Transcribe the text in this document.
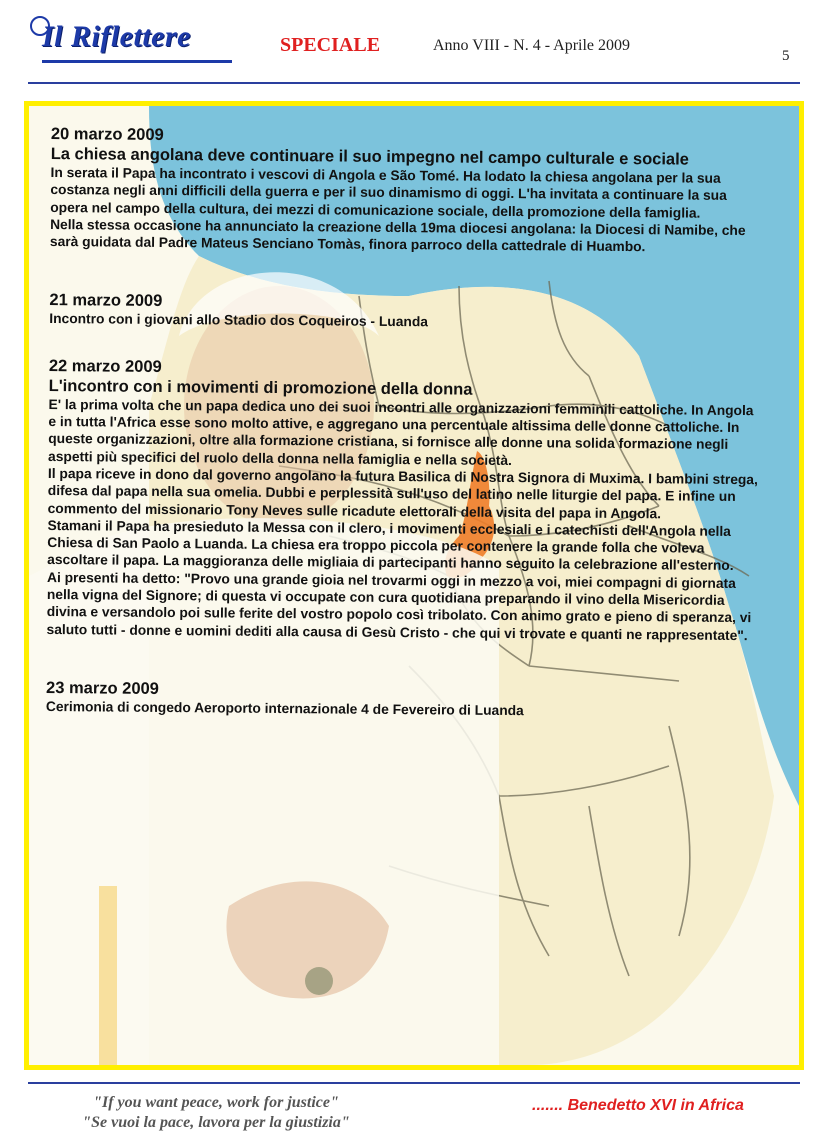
Il Riflettere	SPECIALE	Anno VIII - N. 4 - Aprile 2009
5
20 marzo 2009
La chiesa angolana deve continuare il suo impegno nel campo culturale e sociale

In serata il Papa ha incontrato i vescovi di Angola e São Tomé. Ha lodato la chiesa angolana per la sua costanza negli anni difficili della guerra e per il suo dinamismo di oggi. L'ha invitata a continuare la sua opera nel campo della cultura, dei mezzi di comunicazione sociale, della promozione della famiglia.

Nella stessa occasione ha annunciato la creazione della 19ma diocesi angolana: la Diocesi di Namibe, che sarà guidata dal Padre Mateus Senciano Tomàs, finora parroco della cattedrale di Huambo.

21 marzo 2009

Incontro con i giovani allo Stadio dos Coqueiros - Luanda

22 marzo 2009
L'incontro con i movimenti di promozione della donna

E' la prima volta che un papa dedica uno dei suoi incontri alle organizzazioni femminili cattoliche. In Angola e in tutta l'Africa esse sono molto attive, e aggregano una percentuale altissima delle donne cattoliche. In queste organizzazioni, oltre alla formazione cristiana, si fornisce alle donne una solida formazione negli aspetti più specifici del ruolo della donna nella famiglia e nella società.

Il papa riceve in dono dal governo angolano la futura Basilica di Nostra Signora di Muxima. I bambini strega, difesa dal papa nella sua omelia. Dubbi e perplessità sull'uso del latino nelle liturgie del papa. E infine un commento del missionario Tony Neves sulle ricadute elettorali della visita del papa in Angola.

Stamani il Papa ha presieduto la Messa con il clero, i movimenti ecclesiali e i catechisti dell'Angola nella Chiesa di San Paolo a Luanda. La chiesa era troppo piccola per contenere la grande folla che voleva ascoltare il papa. La maggioranza delle migliaia di partecipanti hanno seguito la celebrazione all'esterno.

Ai presenti ha detto: "Provo una grande gioia nel trovarmi oggi in mezzo a voi, miei compagni di giornata nella vigna del Signore; di questa vi occupate con cura quotidiana preparando il vino della Misericordia divina e versandolo poi sulle ferite del vostro popolo così tribolato. Con animo grato e pieno di speranza, vi saluto tutti - donne e uomini dediti alla causa di Gesù Cristo - che qui vi trovate e quanti ne rappresentate".

23 marzo 2009

Cerimonia di congedo Aeroporto internazionale 4 de Fevereiro di Luanda

"If you want peace, work for justice"
"Se vuoi la pace, lavora per la giustizia"
....... Benedetto XVI in Africa
